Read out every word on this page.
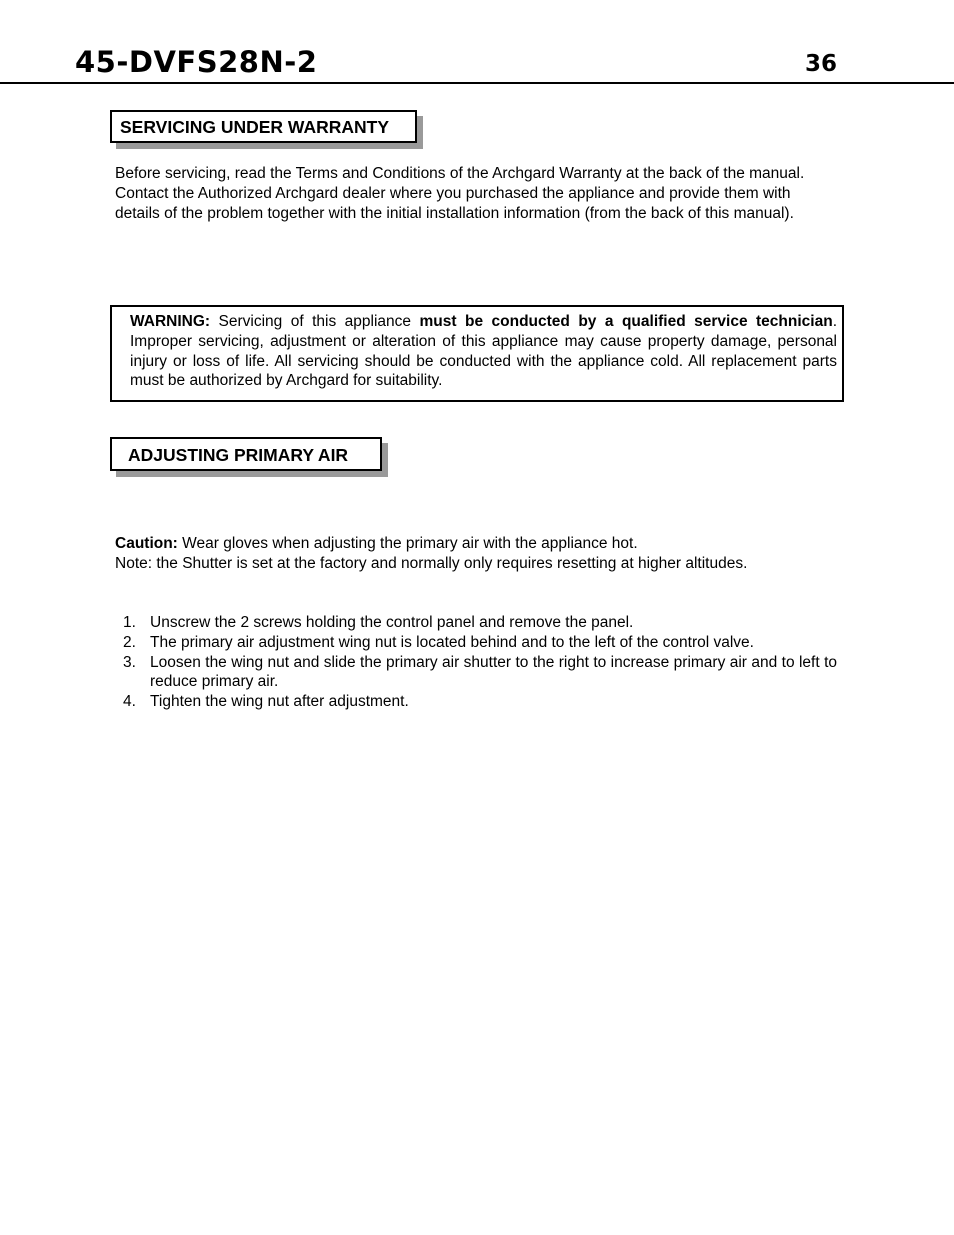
45-DVFS28N-2	36
SERVICING UNDER WARRANTY
Before servicing, read the Terms and Conditions of the Archgard Warranty at the back of the manual. Contact the Authorized Archgard dealer where you purchased the appliance and provide them with details of the problem together with the initial installation information (from the back of this manual).
WARNING: Servicing of this appliance must be conducted by a qualified service technician. Improper servicing, adjustment or alteration of this appliance may cause property damage, personal injury or loss of life. All servicing should be conducted with the appliance cold. All replacement parts must be authorized by Archgard for suitability.
ADJUSTING PRIMARY AIR
Caution: Wear gloves when adjusting the primary air with the appliance hot.
Note: the Shutter is set at the factory and normally only requires resetting at higher altitudes.
1. Unscrew the 2 screws holding the control panel and remove the panel.
2. The primary air adjustment wing nut is located behind and to the left of the control valve.
3. Loosen the wing nut and slide the primary air shutter to the right to increase primary air and to left to reduce primary air.
4. Tighten the wing nut after adjustment.
